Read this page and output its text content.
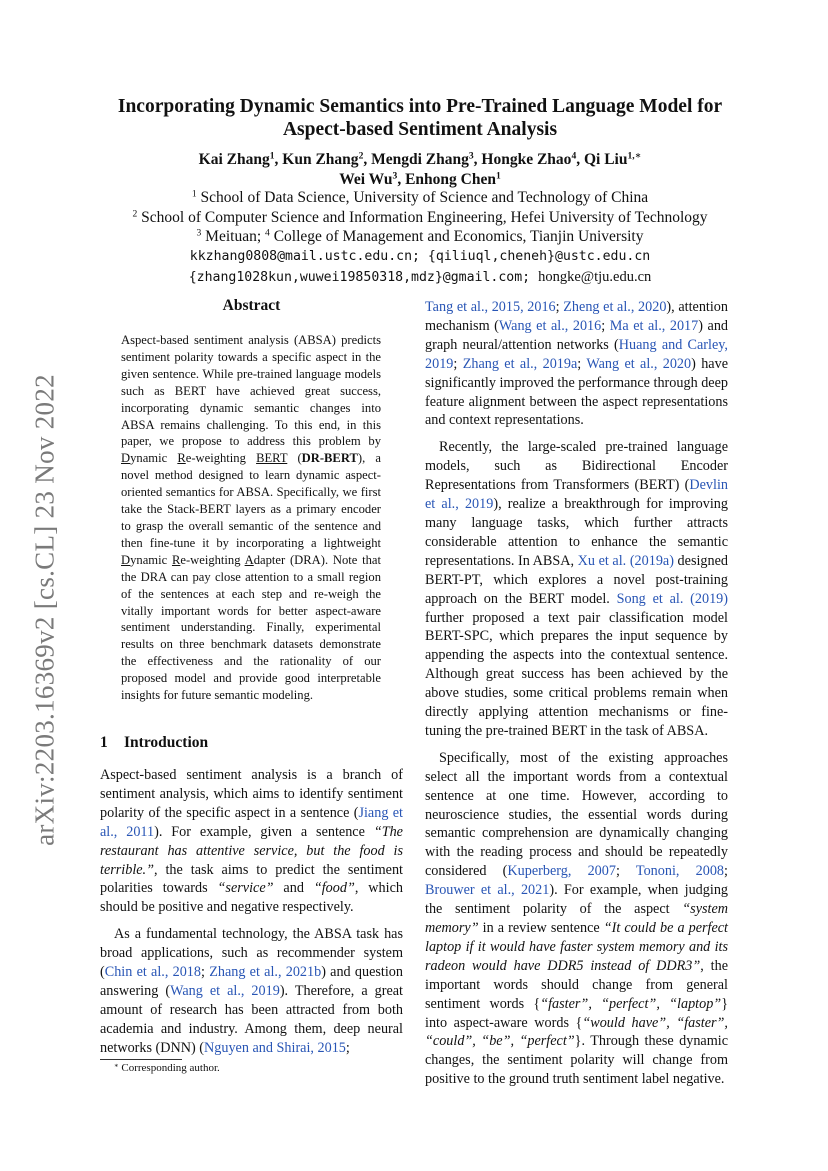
arXiv:2203.16369v2 [cs.CL] 23 Nov 2022
Incorporating Dynamic Semantics into Pre-Trained Language Model for
Aspect-based Sentiment Analysis
Kai Zhang$^1$, Kun Zhang$^2$, Mengdi Zhang$^3$, Hongke Zhao$^4$, Qi Liu$^{1,∗}$
Wei Wu$^3$, Enhong Chen$^1$
$^1$ School of Data Science, University of Science and Technology of China
$^2$ School of Computer Science and Information Engineering, Hefei University of Technology
$^3$ Meituan; $^4$ College of Management and Economics, Tianjin University
kkzhang0808@mail.ustc.edu.cn; {qiliuql,cheneh}@ustc.edu.cn
{zhang1028kun,wuwei19850318,mdz}@gmail.com; hongke@tju.edu.cn
Abstract

Aspect-based sentiment analysis (ABSA) predicts sentiment polarity towards a specific aspect in the given sentence. While pre-trained language models such as BERT have achieved great success, incorporating dynamic semantic changes into ABSA remains challenging. To this end, in this paper, we propose to address this problem by Dynamic Re-weighting BERT (DR-BERT), a novel method designed to learn dynamic aspect-oriented semantics for ABSA. Specifically, we first take the Stack-BERT layers as a primary encoder to grasp the overall semantic of the sentence and then fine-tune it by incorporating a lightweight Dynamic Re-weighting Adapter (DRA). Note that the DRA can pay close attention to a small region of the sentences at each step and re-weigh the vitally important words for better aspect-aware sentiment understanding. Finally, experimental results on three benchmark datasets demonstrate the effectiveness and the rationality of our proposed model and provide good interpretable insights for future semantic modeling.

1 Introduction

Aspect-based sentiment analysis is a branch of sentiment analysis, which aims to identify sentiment polarity of the specific aspect in a sentence (Jiang et al., 2011). For example, given a sentence “The restaurant has attentive service, but the food is terrible.”, the task aims to predict the sentiment polarities towards “service” and “food”, which should be positive and negative respectively.

As a fundamental technology, the ABSA task has broad applications, such as recommender system (Chin et al., 2018; Zhang et al., 2021b) and question answering (Wang et al., 2019). Therefore, a great amount of research has been attracted from both academia and industry. Among them, deep neural networks (DNN) (Nguyen and Shirai, 2015;

Tang et al., 2015, 2016; Zheng et al., 2020), attention mechanism (Wang et al., 2016; Ma et al., 2017) and graph neural/attention networks (Huang and Carley, 2019; Zhang et al., 2019a; Wang et al., 2020) have significantly improved the performance through deep feature alignment between the aspect representations and context representations.

Recently, the large-scaled pre-trained language models, such as Bidirectional Encoder Representations from Transformers (BERT) (Devlin et al., 2019), realize a breakthrough for improving many language tasks, which further attracts considerable attention to enhance the semantic representations. In ABSA, Xu et al. (2019a) designed BERT-PT, which explores a novel post-training approach on the BERT model. Song et al. (2019) further proposed a text pair classification model BERT-SPC, which prepares the input sequence by appending the aspects into the contextual sentence. Although great success has been achieved by the above studies, some critical problems remain when directly applying attention mechanisms or fine-tuning the pre-trained BERT in the task of ABSA.

Specifically, most of the existing approaches select all the important words from a contextual sentence at one time. However, according to neuroscience studies, the essential words during semantic comprehension are dynamically changing with the reading process and should be repeatedly considered (Kuperberg, 2007; Tononi, 2008; Brouwer et al., 2021). For example, when judging the sentiment polarity of the aspect “system memory” in a review sentence “It could be a perfect laptop if it would have faster system memory and its radeon would have DDR5 instead of DDR3”, the important words should change from general sentiment words {“faster”, “perfect”, “laptop”} into aspect-aware words {“would have”, “faster”, “could”, “be”, “perfect”}. Through these dynamic changes, the sentiment polarity will change from positive to the ground truth sentiment label negative.

∗ Corresponding author.
